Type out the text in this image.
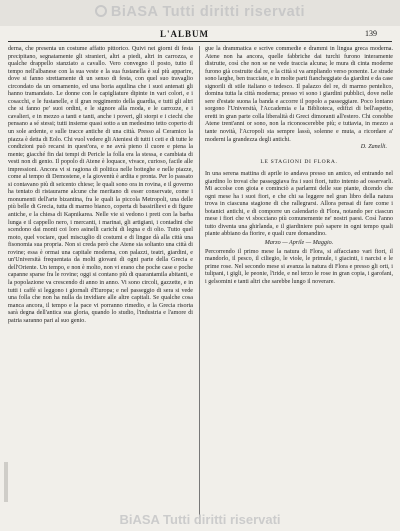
BiASA Tutti diritti riservati
L'ALBUM	139

derna, che presenta un costume affatto pittorico. Quivi nei giorni di festa precipitano, segnatamente gli stranieri, altri a piedi, altri in carrozza, e qualche drappello stanziato a cavallo. Vero convegno il posto, tutto il tempo nell'albanese con la sua veste e la sua fustanella è sul più apparire, dove si fanno strettamente di un senso di festa, con quel suo travaglio circondato da un ornamento, ed una boria aquilina che i suoi antenati gli hanno tramandato. Le donne con le capigliature dipinte in vari colori, e i cosacchi, e le fustanelle, e il gran reggimento della guardia, e tutti gli altri che si fanno pe' suoi ordini, e le signore alla moda, e le carrozze, e i cavalieri, e in mezzo a tanti e tanti, anche i poveri, gli storpi e i ciechi che pensano a sé stessi; tutti insieme quasi sotto a un medesimo tetto coperto di un sole ardente, e sulle tracce antiche di una città. Presso al Ceramico la piazza è detta di Eolo. Chi vuol vedere gli Ateniesi di tutti i ceti e di tutte le condizioni può recarsi in quest'ora, e ne avrà pieno il cuore e piena la mente; giacché fin dai tempi di Pericle la folla era la stessa, e cambiata di vesti non di genio. Il popolo di Atene è loquace, vivace, curioso, facile alle impressioni. Ancora vi si ragiona di politica nelle botteghe e nelle piazze, come al tempo di Demostene, e la gioventù è ardita e pronta. Per lo passato si contavano più di seicento chiese; le quali sono ora in rovina, e il governo ha tentato di ristaurarne alcune che meritano di esser conservate, come i monumenti dell'arte bizantina, fra le quali la piccola Metropoli, una delle più belle di Grecia, tutta di marmo bianco, coperta di bassirilievi e di figure antiche, e la chiesa di Kapnikarea. Nelle vie si vedono i preti con la barba lunga e il cappello nero, i mercanti, i marinai, gli artigiani, i contadini che scendono dai monti coi loro asinelli carichi di legna e di olio. Tutto quel moto, quel vociare, quel miscuglio di costumi e di lingue dà alla città una fisonomia sua propria. Non si creda però che Atene sia soltanto una città di rovine; essa è ormai una capitale moderna, con palazzi, teatri, giardini, e un'Università frequentata da molti giovani di ogni parte della Grecia e dell'Oriente. Un tempo, e non è molto, non vi erano che poche case e poche capanne sparse fra le rovine; oggi si contano più di quarantamila abitanti, e la popolazione va crescendo di anno in anno. Vi sono circoli, gazzette, e in tutti i caffè si leggono i giornali d'Europa; e nel passeggio di sera si vede una folla che non ha nulla da invidiare alle altre capitali. Se qualche cosa manca ancora, il tempo e la pace vi porranno rimedio, e la Grecia risorta sarà degna dell'antica sua gloria, quando lo studio, l'industria e l'amore di patria saranno pari al suo genio.

gue la drammatica e scrive commedie e drammi in lingua greca moderna. Atene non ha ancora, quelle fabbriche dai turchi furono interamente distrutte, così che non se ne vede traccia alcuna; le mura di cinta moderne furono già costruite dal re, e la città si va ampliando verso ponente. Le strade sono larghe, ben tracciate, e in molte parti fiancheggiate da giardini e da case signorili di stile italiano o tedesco. Il palazzo del re, di marmo pentelico, domina tutta la città moderna; presso vi sono i giardini pubblici, dove nelle sere d'estate suona la banda e accorre il popolo a passeggiare. Poco lontano sorgono l'Università, l'Accademia e la Biblioteca, edifizi di bell'aspetto, eretti in gran parte colla liberalità di Greci dimoranti all'estero. Chi conobbe Atene trent'anni or sono, non la riconoscerebbe più; e tuttavia, in mezzo a tante novità, l'Acropoli sta sempre lassù, solenne e muta, a ricordare a' moderni la grandezza degli antichi.

D. Zanelli.

LE STAGIONI DI FLORA.

In una serena mattina di aprile io andava presso un amico, ed entrando nel giardino lo trovai che passeggiava fra i suoi fiori, tutto intento ad osservarli. Mi accolse con gioia e cominciò a parlarmi delle sue piante, dicendo che ogni mese ha i suoi fiori, e che chi sa leggere nel gran libro della natura trova in ciascuna stagione di che rallegrarsi. Allora pensai di fare come i botanici antichi, e di comporre un calendario di Flora, notando per ciascun mese i fiori che vi sbocciano più comunemente ne' nostri paesi. Così l'anno tutto diventa una ghirlanda, e il giardiniere può sapere in ogni tempo quali piante abbiano da fiorire, e quali cure domandino.

Marzo — Aprile — Maggio.

Percorrendo il primo mese la natura di Flora, si affacciano vari fiori, il mandorlo, il pesco, il ciliegio, le viole, le primule, i giacinti, i narcisi e le prime rose. Nel secondo mese si avanza la natura di Flora e presso gli orti, i tulipani, i gigli, le peonie, l'iride, e nel terzo le rose in gran copia, i garofani, i gelsomini e tanti altri che sarebbe lungo il noverare.

BiASA Tutti diritti riservati
